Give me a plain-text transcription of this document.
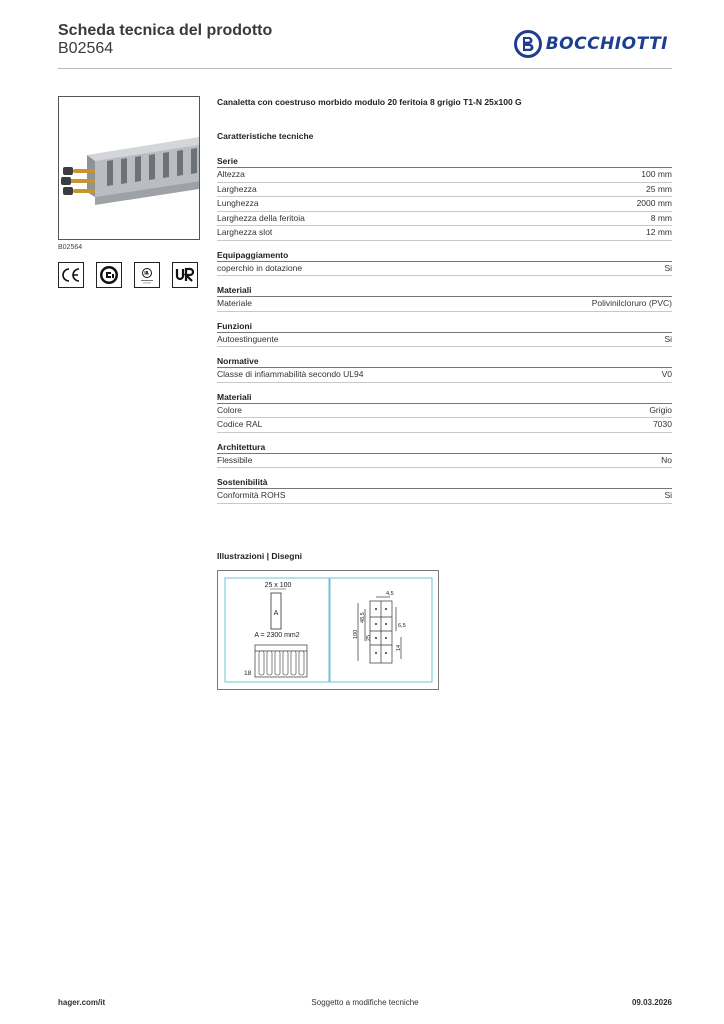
Scheda tecnica del prodotto
B02564	BOCCHIOTTI
B02564
Canaletta con coestruso morbido modulo 20 feritoia 8 grigio T1-N 25x100 G
Caratteristiche tecniche
Serie
Altezza	100 mm
Larghezza	25 mm
Lunghezza	2000 mm
Larghezza della feritoia	8 mm
Larghezza slot	12 mm
Equipaggiamento
coperchio in dotazione	Si
Materiali
Materiale	Polivinilcloruro (PVC)
Funzioni
Autoestinguente	Si
Normative
Classe di infiammabilità secondo UL94	V0
Materiali
Colore	Grigio
Codice RAL	7030
Architettura
Flessibile	No
Sostenibilità
Conformità ROHS	Si
Illustrazioni | Disegni
25 x 100
A
A = 2300 mm2
18
4,5
48,5
100
6,5
25
14
Soggetto a modifiche tecniche
hager.com/it	09.03.2026
